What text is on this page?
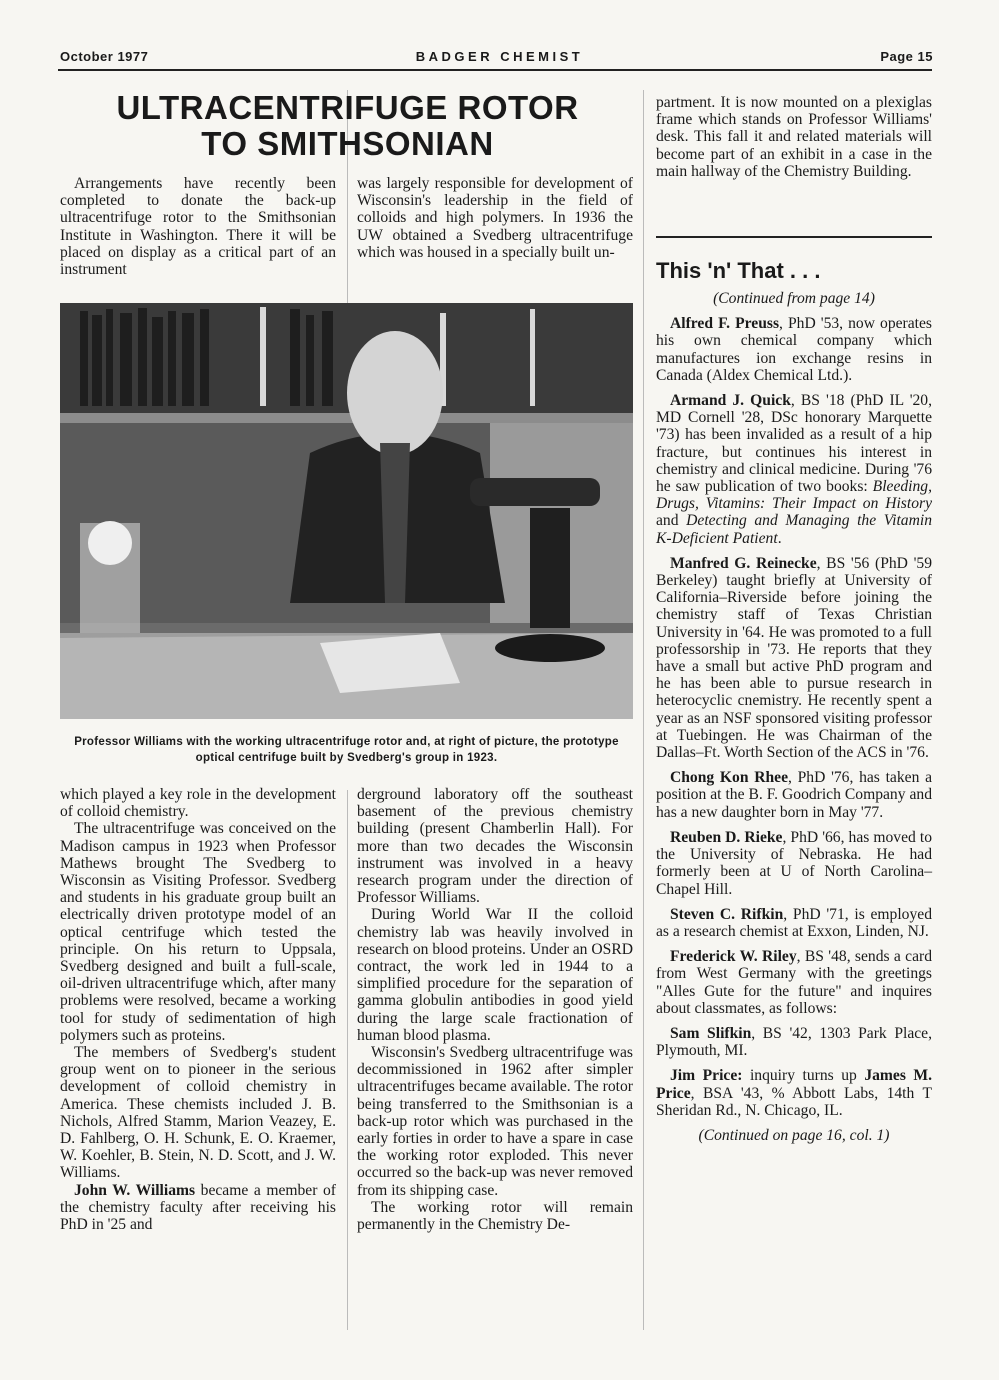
October 1977	BADGER CHEMIST	Page 15
ULTRACENTRIFUGE ROTOR
TO SMITHSONIAN

Arrangements have recently been completed to donate the back-up ultracentrifuge rotor to the Smithsonian Institute in Washington. There it will be placed on display as a critical part of an instrument

was largely responsible for development of Wisconsin's leadership in the field of colloids and high polymers. In 1936 the UW obtained a Svedberg ultracentrifuge which was housed in a specially built un-

Professor Williams with the working ultracentrifuge rotor and, at right of picture, the prototype optical centrifuge built by Svedberg's group in 1923.

which played a key role in the development of colloid chemistry.

The ultracentrifuge was conceived on the Madison campus in 1923 when Professor Mathews brought The Svedberg to Wisconsin as Visiting Professor. Svedberg and students in his graduate group built an electrically driven prototype model of an optical centrifuge which tested the principle. On his return to Uppsala, Svedberg designed and built a full-scale, oil-driven ultracentrifuge which, after many problems were resolved, became a working tool for study of sedimentation of high polymers such as proteins.

The members of Svedberg's student group went on to pioneer in the serious development of colloid chemistry in America. These chemists included J. B. Nichols, Alfred Stamm, Marion Veazey, E. D. Fahlberg, O. H. Schunk, E. O. Kraemer, W. Koehler, B. Stein, N. D. Scott, and J. W. Williams.

John W. Williams became a member of the chemistry faculty after receiving his PhD in '25 and

derground laboratory off the southeast basement of the previous chemistry building (present Chamberlin Hall). For more than two decades the Wisconsin instrument was involved in a heavy research program under the direction of Professor Williams.

During World War II the colloid chemistry lab was heavily involved in research on blood proteins. Under an OSRD contract, the work led in 1944 to a simplified procedure for the separation of gamma globulin antibodies in good yield during the large scale fractionation of human blood plasma.

Wisconsin's Svedberg ultracentrifuge was decommissioned in 1962 after simpler ultracentrifuges became available. The rotor being transferred to the Smithsonian is a back-up rotor which was purchased in the early forties in order to have a spare in case the working rotor exploded. This never occurred so the back-up was never removed from its shipping case.

The working rotor will remain permanently in the Chemistry De-

partment. It is now mounted on a plexiglas frame which stands on Professor Williams' desk. This fall it and related materials will become part of an exhibit in a case in the main hallway of the Chemistry Building.

This 'n' That . . .

(Continued from page 14)

Alfred F. Preuss, PhD '53, now operates his own chemical company which manufactures ion exchange resins in Canada (Aldex Chemical Ltd.).

Armand J. Quick, BS '18 (PhD IL '20, MD Cornell '28, DSc honorary Marquette '73) has been invalided as a result of a hip fracture, but continues his interest in chemistry and clinical medicine. During '76 he saw publication of two books: Bleeding, Drugs, Vitamins: Their Impact on History and Detecting and Managing the Vitamin K-Deficient Patient.

Manfred G. Reinecke, BS '56 (PhD '59 Berkeley) taught briefly at University of California–Riverside before joining the chemistry staff of Texas Christian University in '64. He was promoted to a full professorship in '73. He reports that they have a small but active PhD program and he has been able to pursue research in heterocyclic cnemistry. He recently spent a year as an NSF sponsored visiting professor at Tuebingen. He was Chairman of the Dallas–Ft. Worth Section of the ACS in '76.

Chong Kon Rhee, PhD '76, has taken a position at the B. F. Goodrich Company and has a new daughter born in May '77.

Reuben D. Rieke, PhD '66, has moved to the University of Nebraska. He had formerly been at U of North Carolina–Chapel Hill.

Steven C. Rifkin, PhD '71, is employed as a research chemist at Exxon, Linden, NJ.

Frederick W. Riley, BS '48, sends a card from West Germany with the greetings "Alles Gute for the future" and inquires about classmates, as follows:

Sam Slifkin, BS '42, 1303 Park Place, Plymouth, MI.

Jim Price: inquiry turns up James M. Price, BSA '43, % Abbott Labs, 14th T Sheridan Rd., N. Chicago, IL.

(Continued on page 16, col. 1)
